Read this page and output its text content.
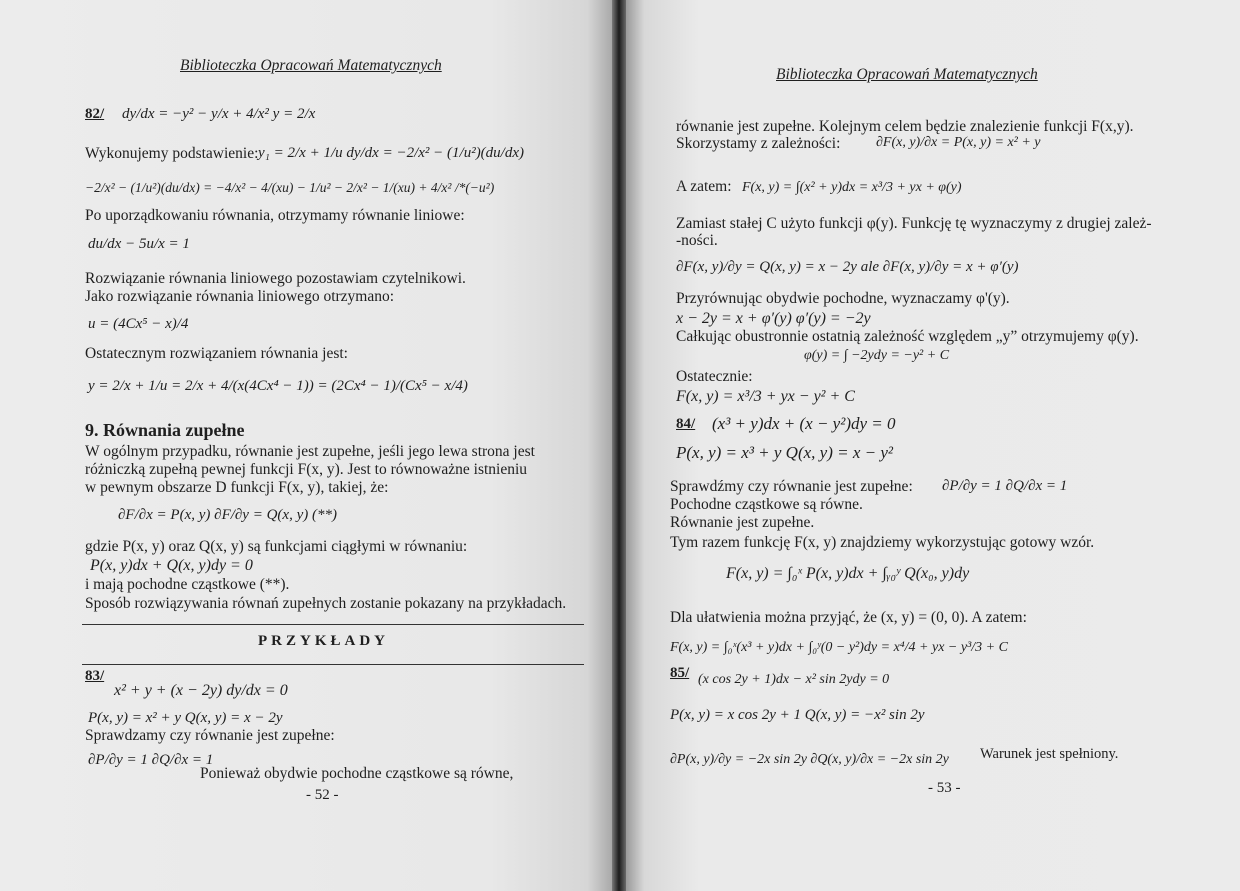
Biblioteczka Opracowań Matematycznych
82/ dy/dx = −y² − y/x + 4/x² y = 2/x
Wykonujemy podstawienie: y₁ = 2/x + 1/u dy/dx = −2/x² − (1/u²)(du/dx)
−2/x² − (1/u²)(du/dx) = −4/x² − 4/(xu) − 1/u² − 2/x² − 1/(xu) + 4/x² /*(−u²)
Po uporządkowaniu równania, otrzymamy równanie liniowe:
du/dx − 5u/x = 1
Rozwiązanie równania liniowego pozostawiam czytelnikowi.
Jako rozwiązanie równania liniowego otrzymano:
u = (4Cx⁵ − x)/4
Ostatecznym rozwiązaniem równania jest:
y = 2/x + 1/u = 2/x + 4/(x(4Cx⁴ − 1)) = (2Cx⁴ − 1)/(Cx⁵ − x/4)
9. Równania zupełne
W ogólnym przypadku, równanie jest zupełne, jeśli jego lewa strona jest
różniczką zupełną pewnej funkcji F(x, y). Jest to równoważne istnieniu
w pewnym obszarze D funkcji F(x, y), takiej, że:
∂F/∂x = P(x, y) ∂F/∂y = Q(x, y) (**)
gdzie P(x, y) oraz Q(x, y) są funkcjami ciągłymi w równaniu:
P(x, y)dx + Q(x, y)dy = 0
i mają pochodne cząstkowe (**).
Sposób rozwiązywania równań zupełnych zostanie pokazany na przykładach.
PRZYKŁADY
83/
x² + y + (x − 2y) dy/dx = 0
P(x, y) = x² + y Q(x, y) = x − 2y
Sprawdzamy czy równanie jest zupełne:
∂P/∂y = 1 ∂Q/∂x = 1
Ponieważ obydwie pochodne cząstkowe są równe,
- 52 -
Biblioteczka Opracowań Matematycznych
równanie jest zupełne. Kolejnym celem będzie znalezienie funkcji F(x,y).
Skorzystamy z zależności:	∂F(x, y)/∂x = P(x, y) = x² + y
A zatem: F(x, y) = ∫(x² + y)dx = x³/3 + yx + φ(y)
Zamiast stałej C użyto funkcji φ(y). Funkcję tę wyznaczymy z drugiej zależ-
-ności.
∂F(x, y)/∂y = Q(x, y) = x − 2y ale ∂F(x, y)/∂y = x + φ′(y)
Przyrównując obydwie pochodne, wyznaczamy φ'(y).
x − 2y = x + φ′(y) φ′(y) = −2y
Całkując obustronnie ostatnią zależność względem „y” otrzymujemy φ(y).
φ(y) = ∫ −2ydy = −y² + C
Ostatecznie:
F(x, y) = x³/3 + yx − y² + C
84/ (x³ + y)dx + (x − y²)dy = 0
P(x, y) = x³ + y Q(x, y) = x − y²
Sprawdźmy czy równanie jest zupełne: ∂P/∂y = 1 ∂Q/∂x = 1
Pochodne cząstkowe są równe.
Równanie jest zupełne.
Tym razem funkcję F(x, y) znajdziemy wykorzystując gotowy wzór.
F(x, y) = ∫₀ˣ P(x, y)dx + ∫ᵧ₀ʸ Q(x₀, y)dy
Dla ułatwienia można przyjąć, że (x, y) = (0, 0). A zatem:
F(x, y) = ∫₀ˣ(x³ + y)dx + ∫₀ʸ(0 − y²)dy = x⁴/4 + yx − y³/3 + C
85/ (x cos 2y + 1)dx − x² sin 2ydy = 0
P(x, y) = x cos 2y + 1 Q(x, y) = −x² sin 2y
∂P(x, y)/∂y = −2x sin 2y ∂Q(x, y)/∂x = −2x sin 2y Warunek jest spełniony.
- 53 -
